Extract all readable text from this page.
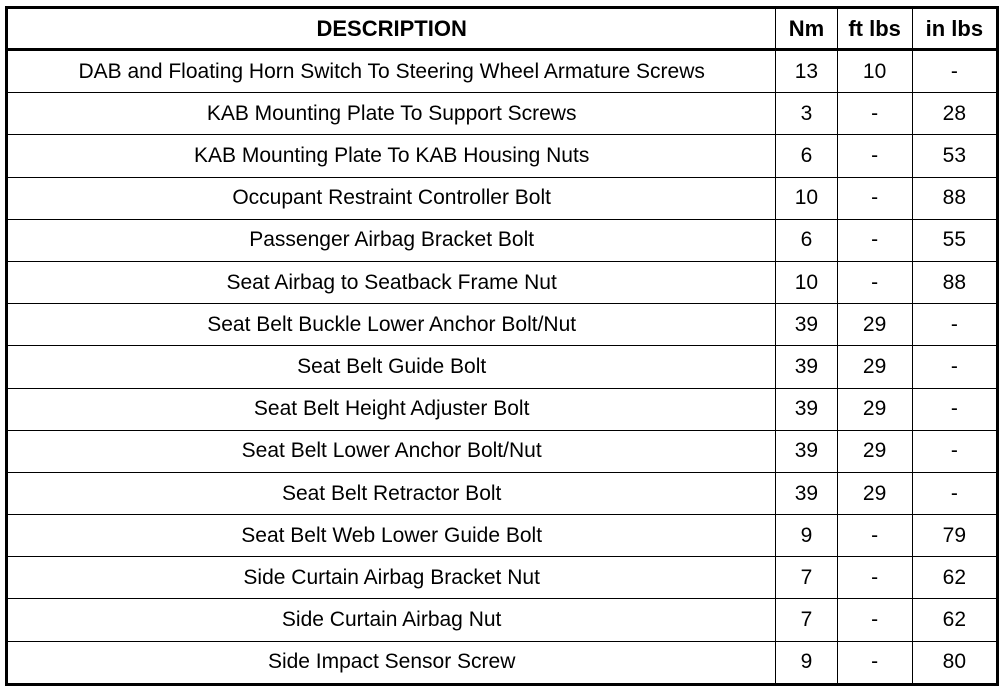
DESCRIPTION	Nm	ft lbs	in lbs
DAB and Floating Horn Switch To Steering Wheel Armature Screws	13	10	-
KAB Mounting Plate To Support Screws	3	-	28
KAB Mounting Plate To KAB Housing Nuts	6	-	53
Occupant Restraint Controller Bolt	10	-	88
Passenger Airbag Bracket Bolt	6	-	55
Seat Airbag to Seatback Frame Nut	10	-	88
Seat Belt Buckle Lower Anchor Bolt/Nut	39	29	-
Seat Belt Guide Bolt	39	29	-
Seat Belt Height Adjuster Bolt	39	29	-
Seat Belt Lower Anchor Bolt/Nut	39	29	-
Seat Belt Retractor Bolt	39	29	-
Seat Belt Web Lower Guide Bolt	9	-	79
Side Curtain Airbag Bracket Nut	7	-	62
Side Curtain Airbag Nut	7	-	62
Side Impact Sensor Screw	9	-	80
